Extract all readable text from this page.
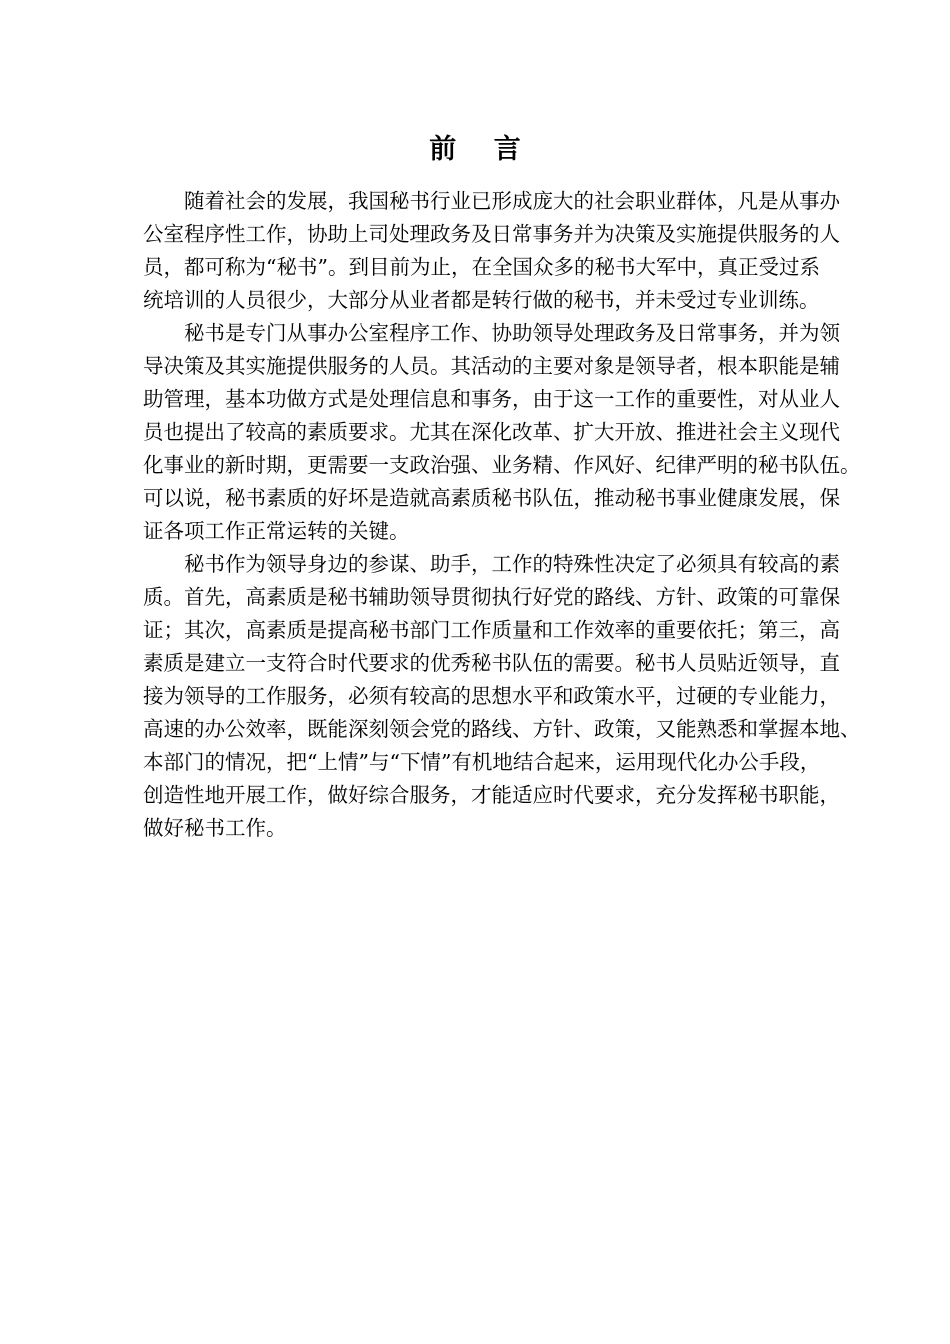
前 言
随着社会的发展，我国秘书行业已形成庞大的社会职业群体，凡是从事办
公室程序性工作，协助上司处理政务及日常事务并为决策及实施提供服务的人
员，都可称为“秘书”。到目前为止，在全国众多的秘书大军中，真正受过系
统培训的人员很少，大部分从业者都是转行做的秘书，并未受过专业训练。
秘书是专门从事办公室程序工作、协助领导处理政务及日常事务，并为领
导决策及其实施提供服务的人员。其活动的主要对象是领导者，根本职能是辅
助管理，基本功做方式是处理信息和事务，由于这一工作的重要性，对从业人
员也提出了较高的素质要求。尤其在深化改革、扩大开放、推进社会主义现代
化事业的新时期，更需要一支政治强、业务精、作风好、纪律严明的秘书队伍。
可以说，秘书素质的好坏是造就高素质秘书队伍，推动秘书事业健康发展，保
证各项工作正常运转的关键。
秘书作为领导身边的参谋、助手，工作的特殊性决定了必须具有较高的素
质。首先，高素质是秘书辅助领导贯彻执行好党的路线、方针、政策的可靠保
证；其次，高素质是提高秘书部门工作质量和工作效率的重要依托；第三，高
素质是建立一支符合时代要求的优秀秘书队伍的需要。秘书人员贴近领导，直
接为领导的工作服务，必须有较高的思想水平和政策水平，过硬的专业能力，
高速的办公效率，既能深刻领会党的路线、方针、政策，又能熟悉和掌握本地、
本部门的情况，把“上情”与“下情”有机地结合起来，运用现代化办公手段，
创造性地开展工作，做好综合服务，才能适应时代要求，充分发挥秘书职能，
做好秘书工作。
